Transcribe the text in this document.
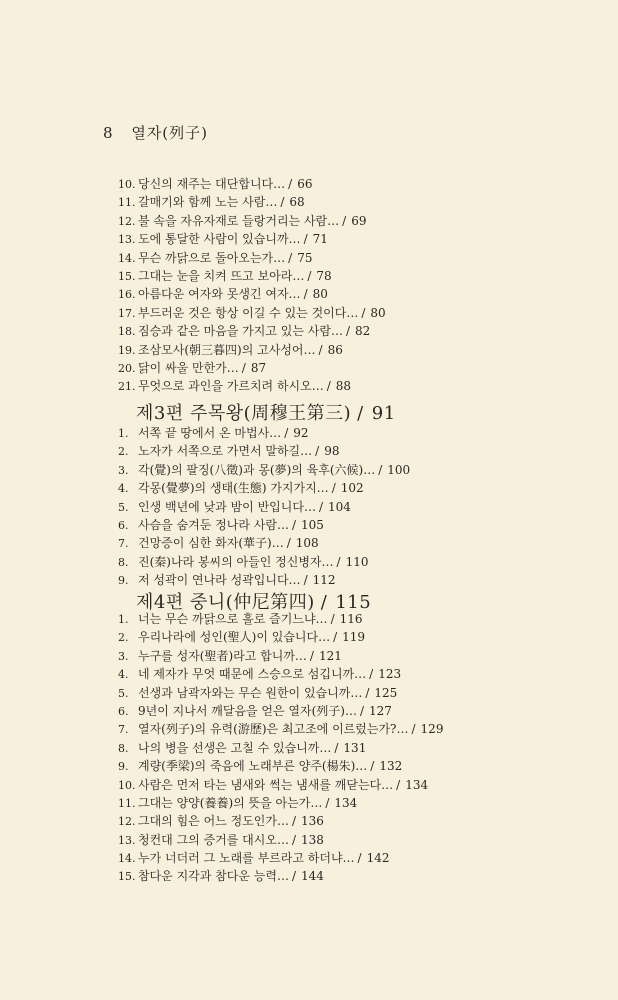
8 열자(列子)
10. 당신의 재주는 대단합니다… / 66
11. 갈매기와 함께 노는 사람… / 68
12. 불 속을 자유자재로 들랑거리는 사람… / 69
13. 도에 통달한 사람이 있습니까… / 71
14. 무슨 까닭으로 돌아오는가… / 75
15. 그대는 눈을 치켜 뜨고 보아라… / 78
16. 아름다운 여자와 못생긴 여자… / 80
17. 부드러운 것은 항상 이길 수 있는 것이다… / 80
18. 짐승과 같은 마음을 가지고 있는 사람… / 82
19. 조삼모사(朝三暮四)의 고사성어… / 86
20. 닭이 싸울 만한가… / 87
21. 무엇으로 과인을 가르치려 하시오… / 88
제3편 주목왕(周穆王第三) / 91
1. 서쪽 끝 땅에서 온 마법사… / 92
2. 노자가 서쪽으로 가면서 말하길… / 98
3. 각(覺)의 팔징(八徵)과 몽(夢)의 육후(六候)… / 100
4. 각몽(覺夢)의 생태(生態) 가지가지… / 102
5. 인생 백년에 낮과 밤이 반입니다… / 104
6. 사슴을 숨겨둔 정나라 사람… / 105
7. 건망증이 심한 화자(華子)… / 108
8. 진(秦)나라 봉씨의 아들인 정신병자… / 110
9. 저 성곽이 연나라 성곽입니다… / 112
제4편 중니(仲尼第四) / 115
1. 너는 무슨 까닭으로 홀로 즐기느냐… / 116
2. 우리나라에 성인(聖人)이 있습니다… / 119
3. 누구를 성자(聖者)라고 합니까… / 121
4. 네 제자가 무엇 때문에 스승으로 섬깁니까… / 123
5. 선생과 남곽자와는 무슨 원한이 있습니까… / 125
6. 9년이 지나서 깨달음을 얻은 열자(列子)… / 127
7. 열자(列子)의 유력(游歷)은 최고조에 이르렀는가?… / 129
8. 나의 병을 선생은 고칠 수 있습니까… / 131
9. 계량(季梁)의 죽음에 노래부른 양주(楊朱)… / 132
10. 사람은 먼저 타는 냄새와 썩는 냄새를 깨닫는다… / 134
11. 그대는 양양(養養)의 뜻을 아는가… / 134
12. 그대의 힘은 어느 정도인가… / 136
13. 청컨대 그의 증거를 대시오… / 138
14. 누가 너더러 그 노래를 부르라고 하더냐… / 142
15. 참다운 지각과 참다운 능력… / 144
